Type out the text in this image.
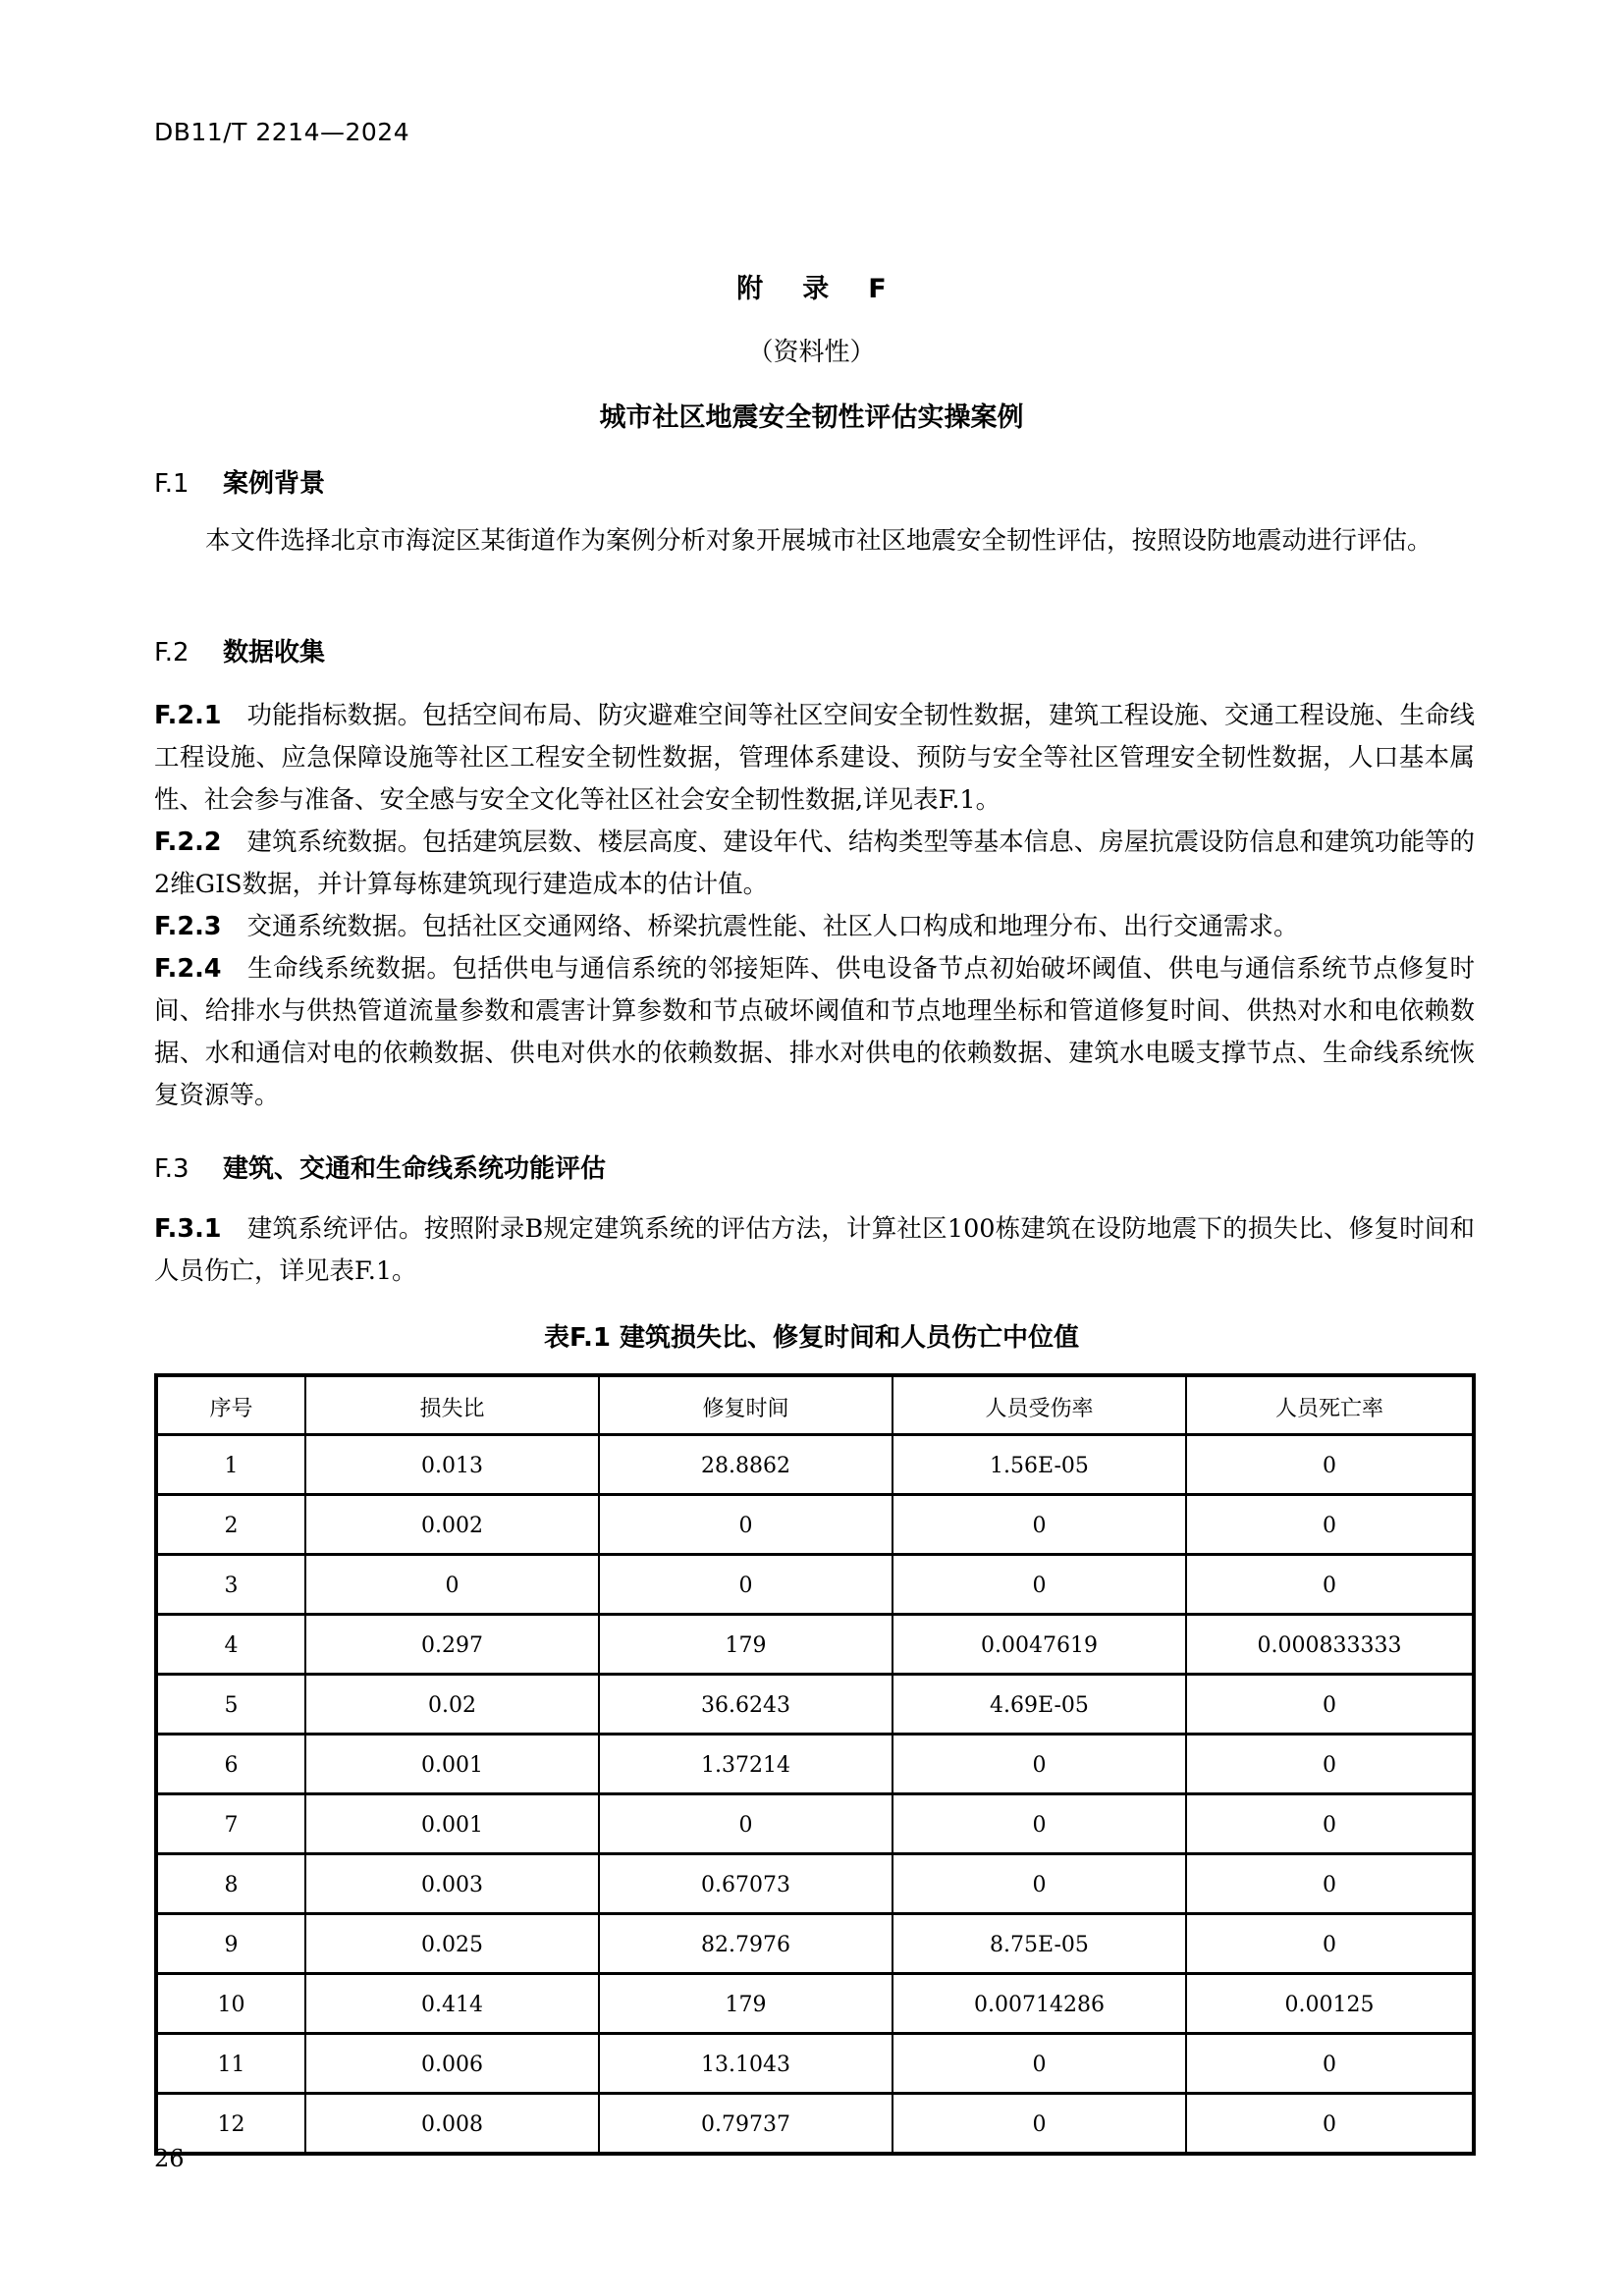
DB11/T 2214—2024
附 录 F
（资料性）
城市社区地震安全韧性评估实操案例
F.1 案例背景
本文件选择北京市海淀区某街道作为案例分析对象开展城市社区地震安全韧性评估，按照设防地震动进行评估。
F.2 数据收集
F.2.1 功能指标数据。包括空间布局、防灾避难空间等社区空间安全韧性数据，建筑工程设施、交通工程设施、生命线工程设施、应急保障设施等社区工程安全韧性数据，管理体系建设、预防与安全等社区管理安全韧性数据，人口基本属性、社会参与准备、安全感与安全文化等社区社会安全韧性数据,详见表F.1。
F.2.2 建筑系统数据。包括建筑层数、楼层高度、建设年代、结构类型等基本信息、房屋抗震设防信息和建筑功能等的2维GIS数据，并计算每栋建筑现行建造成本的估计值。
F.2.3 交通系统数据。包括社区交通网络、桥梁抗震性能、社区人口构成和地理分布、出行交通需求。
F.2.4 生命线系统数据。包括供电与通信系统的邻接矩阵、供电设备节点初始破坏阈值、供电与通信系统节点修复时间、给排水与供热管道流量参数和震害计算参数和节点破坏阈值和节点地理坐标和管道修复时间、供热对水和电依赖数据、水和通信对电的依赖数据、供电对供水的依赖数据、排水对供电的依赖数据、建筑水电暖支撑节点、生命线系统恢复资源等。
F.3 建筑、交通和生命线系统功能评估
F.3.1 建筑系统评估。按照附录B规定建筑系统的评估方法，计算社区100栋建筑在设防地震下的损失比、修复时间和人员伤亡，详见表F.1。
表F.1 建筑损失比、修复时间和人员伤亡中位值
序号	损失比	修复时间	人员受伤率	人员死亡率
1	0.013	28.8862	1.56E-05	0
2	0.002	0	0	0
3	0	0	0	0
4	0.297	179	0.0047619	0.000833333
5	0.02	36.6243	4.69E-05	0
6	0.001	1.37214	0	0
7	0.001	0	0	0
8	0.003	0.67073	0	0
9	0.025	82.7976	8.75E-05	0
10	0.414	179	0.00714286	0.00125
11	0.006	13.1043	0	0
12	0.008	0.79737	0	0
26
